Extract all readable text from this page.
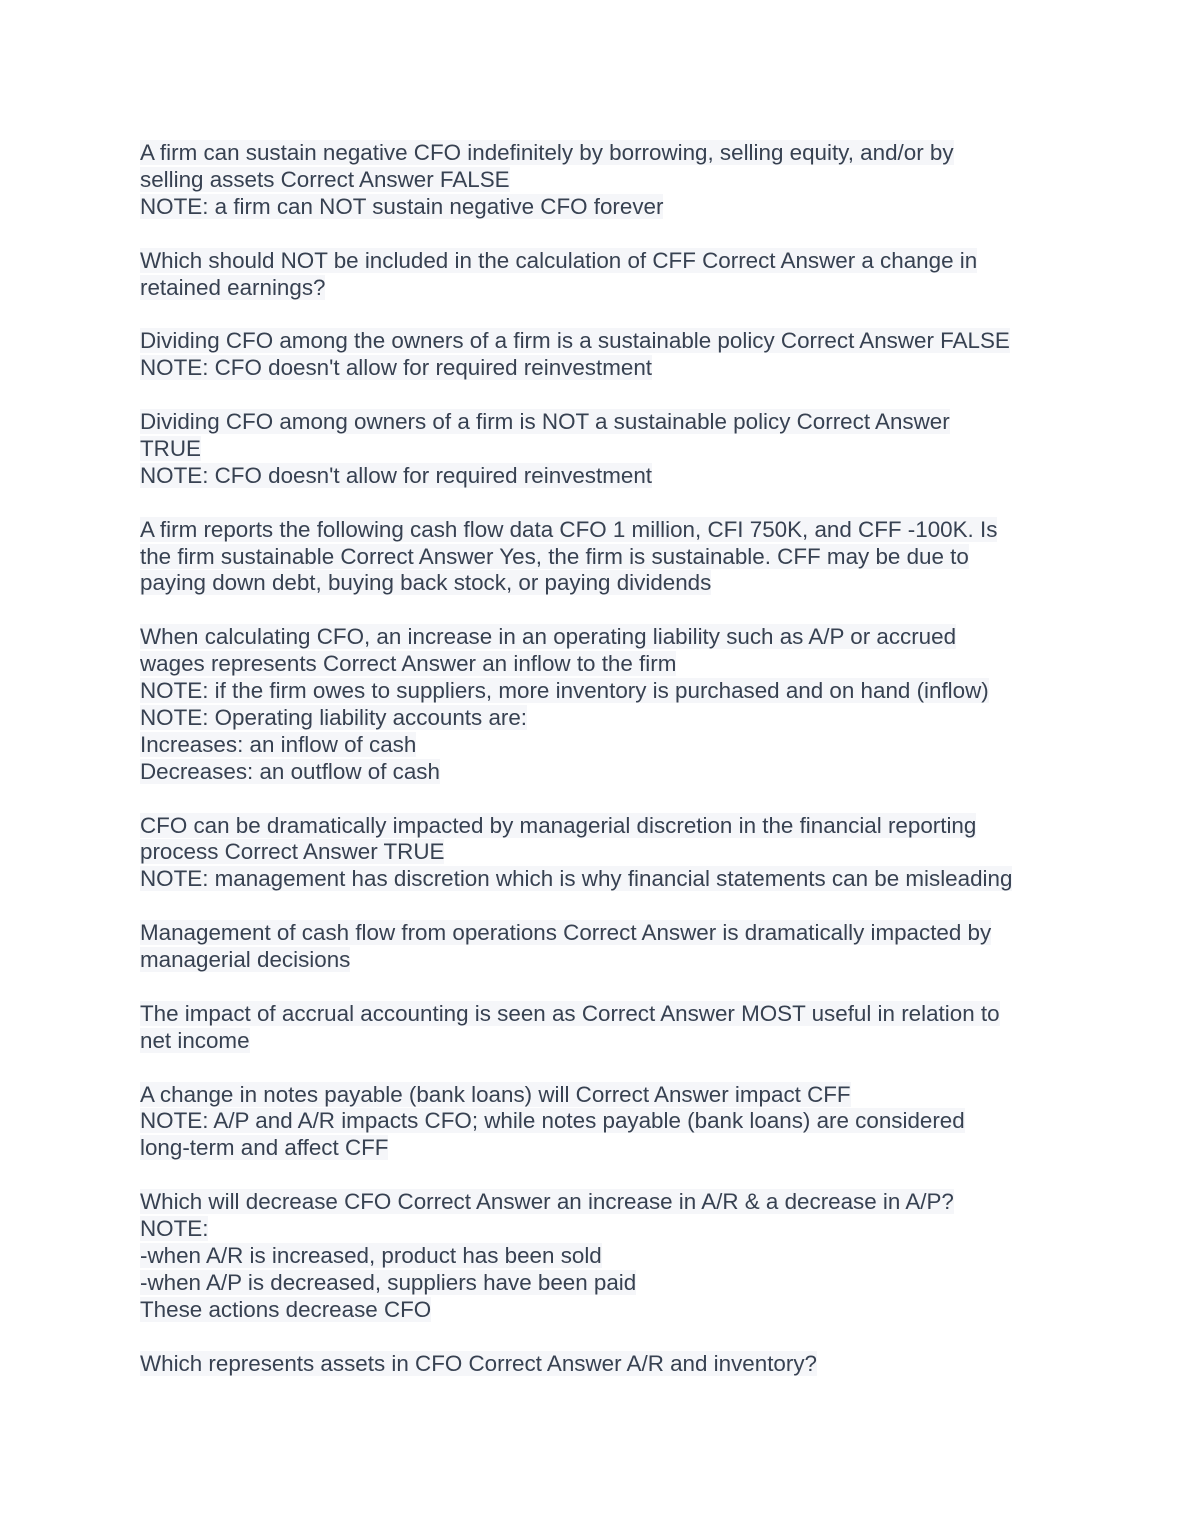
A firm can sustain negative CFO indefinitely by borrowing, selling equity, and/or by
selling assets Correct Answer FALSE
NOTE: a firm can NOT sustain negative CFO forever
Which should NOT be included in the calculation of CFF Correct Answer a change in
retained earnings?
Dividing CFO among the owners of a firm is a sustainable policy Correct Answer FALSE
NOTE: CFO doesn't allow for required reinvestment
Dividing CFO among owners of a firm is NOT a sustainable policy Correct Answer
TRUE
NOTE: CFO doesn't allow for required reinvestment
A firm reports the following cash flow data CFO 1 million, CFI 750K, and CFF -100K. Is
the firm sustainable Correct Answer Yes, the firm is sustainable. CFF may be due to
paying down debt, buying back stock, or paying dividends
When calculating CFO, an increase in an operating liability such as A/P or accrued
wages represents Correct Answer an inflow to the firm
NOTE: if the firm owes to suppliers, more inventory is purchased and on hand (inflow)
NOTE: Operating liability accounts are:
Increases: an inflow of cash
Decreases: an outflow of cash
CFO can be dramatically impacted by managerial discretion in the financial reporting
process Correct Answer TRUE
NOTE: management has discretion which is why financial statements can be misleading
Management of cash flow from operations Correct Answer is dramatically impacted by
managerial decisions
The impact of accrual accounting is seen as Correct Answer MOST useful in relation to
net income
A change in notes payable (bank loans) will Correct Answer impact CFF
NOTE: A/P and A/R impacts CFO; while notes payable (bank loans) are considered
long-term and affect CFF
Which will decrease CFO Correct Answer an increase in A/R & a decrease in A/P?
NOTE:
-when A/R is increased, product has been sold
-when A/P is decreased, suppliers have been paid
These actions decrease CFO
Which represents assets in CFO Correct Answer A/R and inventory?
